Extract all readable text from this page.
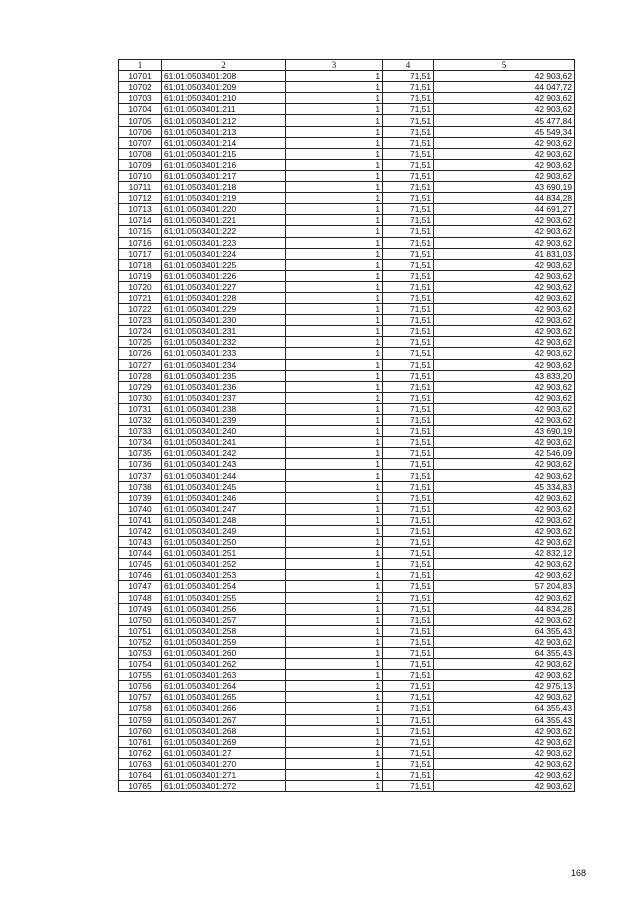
1	2	3	4	5
10701	61:01:0503401:208	1	71,51	42 903,62
10702	61:01:0503401:209	1	71,51	44 047,72
10703	61:01:0503401:210	1	71,51	42 903,62
10704	61:01:0503401:211	1	71,51	42 903,62
10705	61:01:0503401:212	1	71,51	45 477,84
10706	61:01:0503401:213	1	71,51	45 549,34
10707	61:01:0503401:214	1	71,51	42 903,62
10708	61:01:0503401:215	1	71,51	42 903,62
10709	61:01:0503401:216	1	71,51	42 903,62
10710	61:01:0503401:217	1	71,51	42 903,62
10711	61:01:0503401:218	1	71,51	43 690,19
10712	61:01:0503401:219	1	71,51	44 834,28
10713	61:01:0503401:220	1	71,51	44 691,27
10714	61:01:0503401:221	1	71,51	42 903,62
10715	61:01:0503401:222	1	71,51	42 903,62
10716	61:01:0503401:223	1	71,51	42 903,62
10717	61:01:0503401:224	1	71,51	41 831,03
10718	61:01:0503401:225	1	71,51	42 903,62
10719	61:01:0503401:226	1	71,51	42 903,62
10720	61:01:0503401:227	1	71,51	42 903,62
10721	61:01:0503401:228	1	71,51	42 903,62
10722	61:01:0503401:229	1	71,51	42 903,62
10723	61:01:0503401:230	1	71,51	42 903,62
10724	61:01:0503401:231	1	71,51	42 903,62
10725	61:01:0503401:232	1	71,51	42 903,62
10726	61:01:0503401:233	1	71,51	42 903,62
10727	61:01:0503401:234	1	71,51	42 903,62
10728	61:01:0503401:235	1	71,51	43 833,20
10729	61:01:0503401:236	1	71,51	42 903,62
10730	61:01:0503401:237	1	71,51	42 903,62
10731	61:01:0503401:238	1	71,51	42 903,62
10732	61:01:0503401:239	1	71,51	42 903,62
10733	61:01:0503401:240	1	71,51	43 690,19
10734	61:01:0503401:241	1	71,51	42 903,62
10735	61:01:0503401:242	1	71,51	42 546,09
10736	61:01:0503401:243	1	71,51	42 903,62
10737	61:01:0503401:244	1	71,51	42 903,62
10738	61:01:0503401:245	1	71,51	45 334,83
10739	61:01:0503401:246	1	71,51	42 903,62
10740	61:01:0503401:247	1	71,51	42 903,62
10741	61:01:0503401:248	1	71,51	42 903,62
10742	61:01:0503401:249	1	71,51	42 903,62
10743	61:01:0503401:250	1	71,51	42 903,62
10744	61:01:0503401:251	1	71,51	42 832,12
10745	61:01:0503401:252	1	71,51	42 903,62
10746	61:01:0503401:253	1	71,51	42 903,62
10747	61:01:0503401:254	1	71,51	57 204,83
10748	61:01:0503401:255	1	71,51	42 903,62
10749	61:01:0503401:256	1	71,51	44 834,28
10750	61:01:0503401:257	1	71,51	42 903,62
10751	61:01:0503401:258	1	71,51	64 355,43
10752	61:01:0503401:259	1	71,51	42 903,62
10753	61:01:0503401:260	1	71,51	64 355,43
10754	61:01:0503401:262	1	71,51	42 903,62
10755	61:01:0503401:263	1	71,51	42 903,62
10756	61:01:0503401:264	1	71,51	42 975,13
10757	61:01:0503401:265	1	71,51	42 903,62
10758	61:01:0503401:266	1	71,51	64 355,43
10759	61:01:0503401:267	1	71,51	64 355,43
10760	61:01:0503401:268	1	71,51	42 903,62
10761	61:01:0503401:269	1	71,51	42 903,62
10762	61:01:0503401:27	1	71,51	42 903,62
10763	61:01:0503401:270	1	71,51	42 903,62
10764	61:01:0503401:271	1	71,51	42 903,62
10765	61:01:0503401:272	1	71,51	42 903,62
168
